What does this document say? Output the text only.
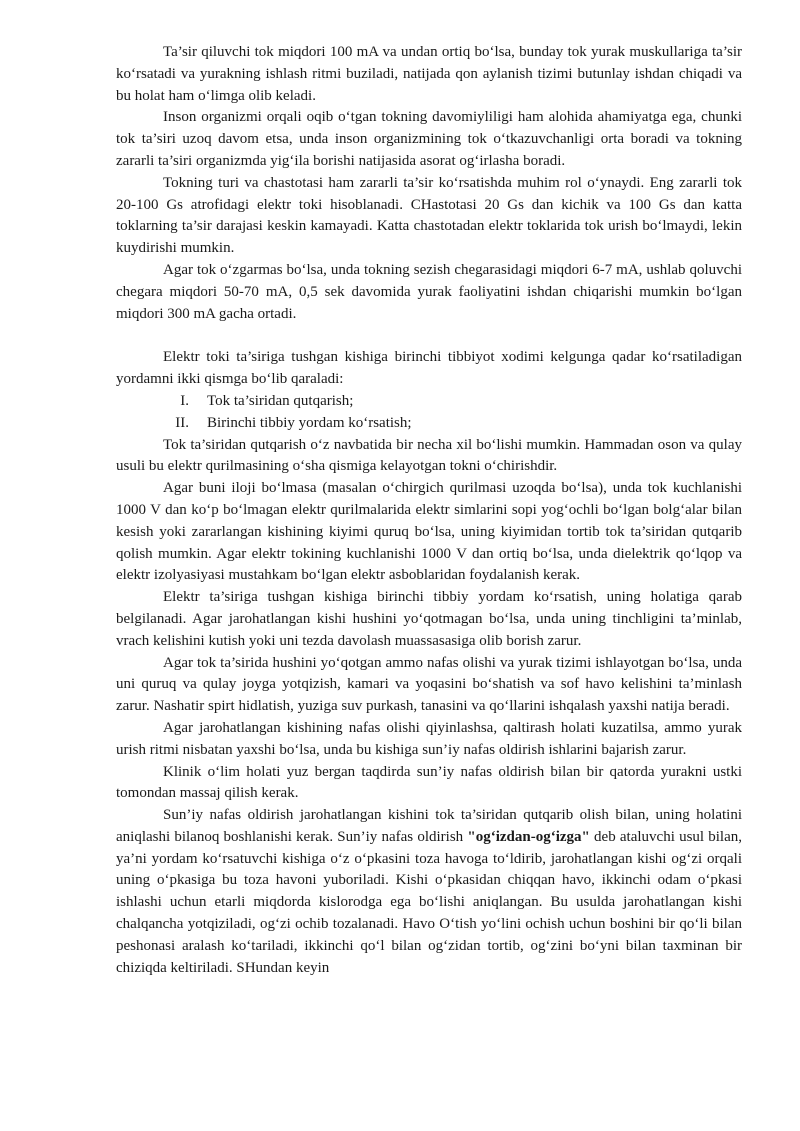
Ta’sir qiluvchi tok miqdori 100 mA va undan ortiq bo‘lsa, bunday tok yurak muskullariga ta’sir ko‘rsatadi va yurakning ishlash ritmi buziladi, natijada qon aylanish tizimi butunlay ishdan chiqadi va bu holat ham o‘limga olib keladi.

Inson organizmi orqali oqib o‘tgan tokning davomiyliligi ham alohida ahamiyatga ega, chunki tok ta’siri uzoq davom etsa, unda inson organizmining tok o‘tkazuvchanligi orta boradi va tokning zararli ta’siri organizmda yig‘ila borishi natijasida asorat og‘irlasha boradi.

Tokning turi va chastotasi ham zararli ta’sir ko‘rsatishda muhim rol o‘ynaydi. Eng zararli tok 20-100 Gs atrofidagi elektr toki hisoblanadi. CHastotasi 20 Gs dan kichik va 100 Gs dan katta toklarning ta’sir darajasi keskin kamayadi. Katta chastotadan elektr toklarida tok urish bo‘lmaydi, lekin kuydirishi mumkin.

Agar tok o‘zgarmas bo‘lsa, unda tokning sezish chegarasidagi miqdori 6-7 mA, ushlab qoluvchi chegara miqdori 50-70 mA, 0,5 sek davomida yurak faoliyatini ishdan chiqarishi mumkin bo‘lgan miqdori 300 mA gacha ortadi.

Elektr toki ta’siriga tushgan kishiga birinchi tibbiyot xodimi kelgunga qadar ko‘rsatiladigan yordamni ikki qismga bo‘lib qaraladi:

I.	Tok ta’siridan qutqarish;
II.	Birinchi tibbiy yordam ko‘rsatish;

Tok ta’siridan qutqarish o‘z navbatida bir necha xil bo‘lishi mumkin. Hammadan oson va qulay usuli bu elektr qurilmasining o‘sha qismiga kelayotgan tokni o‘chirishdir.

Agar buni iloji bo‘lmasa (masalan o‘chirgich qurilmasi uzoqda bo‘lsa), unda tok kuchlanishi 1000 V dan ko‘p bo‘lmagan elektr qurilmalarida elektr simlarini sopi yog‘ochli bo‘lgan bolg‘alar bilan kesish yoki zararlangan kishining kiyimi quruq bo‘lsa, uning kiyimidan tortib tok ta’siridan qutqarib qolish mumkin. Agar elektr tokining kuchlanishi 1000 V dan ortiq bo‘lsa, unda dielektrik qo‘lqop va elektr izolyasiyasi mustahkam bo‘lgan elektr asboblaridan foydalanish kerak.

Elektr ta’siriga tushgan kishiga birinchi tibbiy yordam ko‘rsatish, uning holatiga qarab belgilanadi. Agar jarohatlangan kishi hushini yo‘qotmagan bo‘lsa, unda uning tinchligini ta’minlab, vrach kelishini kutish yoki uni tezda davolash muassasasiga olib borish zarur.

Agar tok ta’sirida hushini yo‘qotgan ammo nafas olishi va yurak tizimi ishlayotgan bo‘lsa, unda uni quruq va qulay joyga yotqizish, kamari va yoqasini bo‘shatish va sof havo kelishini ta’minlash zarur. Nashatir spirt hidlatish, yuziga suv purkash, tanasini va qo‘llarini ishqalash yaxshi natija beradi.

Agar jarohatlangan kishining nafas olishi qiyinlashsa, qaltirash holati kuzatilsa, ammo yurak urish ritmi nisbatan yaxshi bo‘lsa, unda bu kishiga sun’iy nafas oldirish ishlarini bajarish zarur.

Klinik o‘lim holati yuz bergan taqdirda sun’iy nafas oldirish bilan bir qatorda yurakni ustki tomondan massaj qilish kerak.

Sun’iy nafas oldirish jarohatlangan kishini tok ta’siridan qutqarib olish bilan, uning holatini aniqlashi bilanoq boshlanishi kerak. Sun’iy nafas oldirish "og‘izdan-og‘izga" deb ataluvchi usul bilan, ya’ni yordam ko‘rsatuvchi kishiga o‘z o‘pkasini toza havoga to‘ldirib, jarohatlangan kishi og‘zi orqali uning o‘pkasiga bu toza havoni yuboriladi. Kishi o‘pkasidan chiqqan havo, ikkinchi odam o‘pkasi ishlashi uchun etarli miqdorda kislorodga ega bo‘lishi aniqlangan. Bu usulda jarohatlangan kishi chalqancha yotqiziladi, og‘zi ochib tozalanadi. Havo O‘tish yo‘lini ochish uchun boshini bir qo‘li bilan peshonasi aralash ko‘tariladi, ikkinchi qo‘l bilan og‘zidan tortib, og‘zini bo‘yni bilan taxminan bir chiziqda keltiriladi. SHundan keyin
